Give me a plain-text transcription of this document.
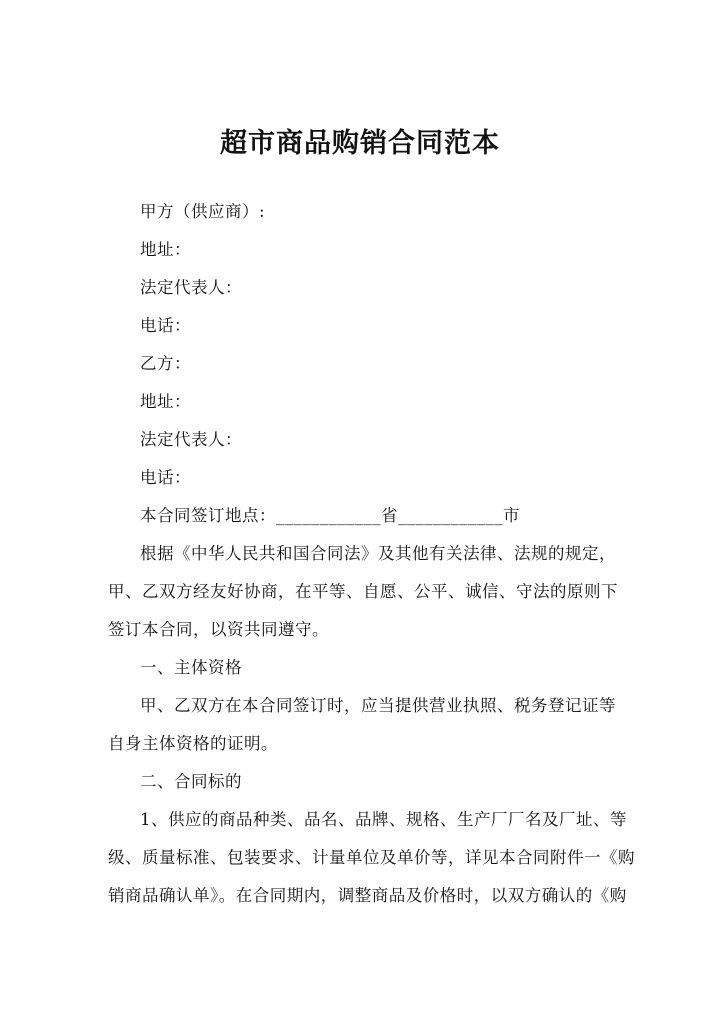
超市商品购销合同范本
甲方（供应商）:
地址：
法定代表人：
电话：
乙方：
地址：
法定代表人：
电话：
本合同签订地点：____________省____________市
根据《中华人民共和国合同法》及其他有关法律、法规的规定，
甲、乙双方经友好协商，在平等、自愿、公平、诚信、守法的原则下
签订本合同，以资共同遵守。
一、主体资格
甲、乙双方在本合同签订时，应当提供营业执照、税务登记证等
自身主体资格的证明。
二、合同标的
1、供应的商品种类、品名、品牌、规格、生产厂厂名及厂址、等
级、质量标准、包装要求、计量单位及单价等，详见本合同附件一《购
销商品确认单》。在合同期内，调整商品及价格时，以双方确认的《购
